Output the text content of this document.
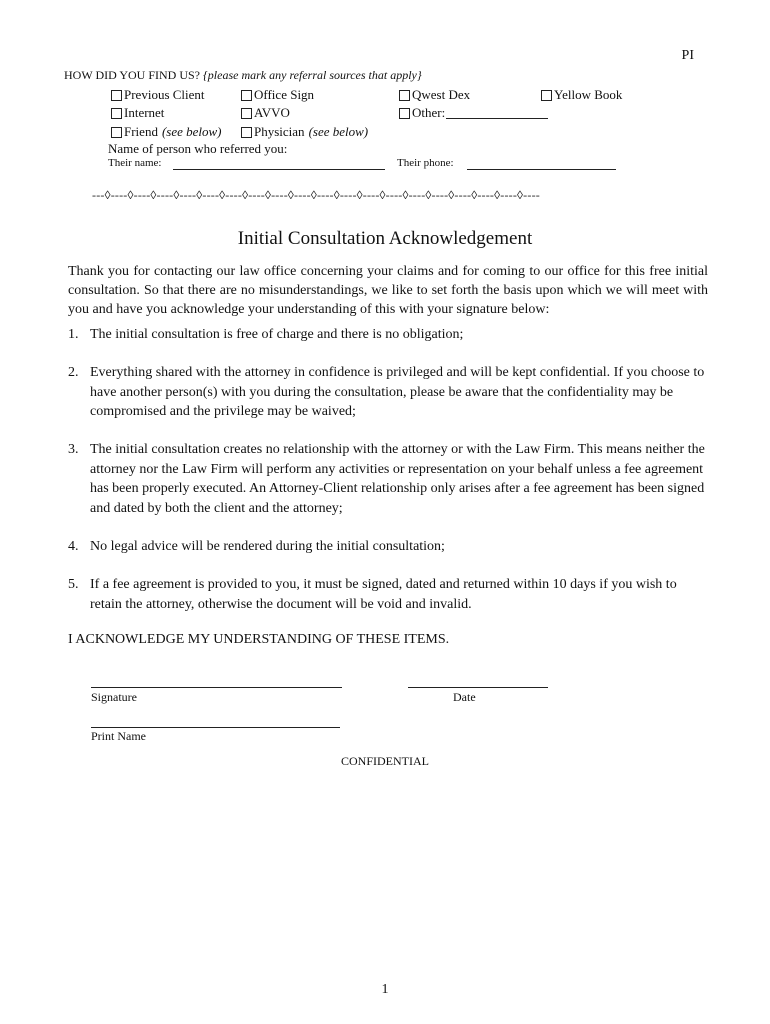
PI
HOW DID YOU FIND US? {please mark any referral sources that apply}
Previous Client	Office Sign	Qwest Dex	Yellow Book
Internet	AVVO	Other:
Friend (see below) Physician (see below)
Name of person who referred you:
Their name:	Their phone:
---◊----◊----◊----◊----◊----◊----◊----◊----◊----◊----◊----◊----◊----◊----◊----◊----◊----◊----◊----
Initial Consultation Acknowledgement
Thank you for contacting our law office concerning your claims and for coming to our office for this free initial consultation. So that there are no misunderstandings, we like to set forth the basis upon which we will meet with you and have you acknowledge your understanding of this with your signature below:
1. The initial consultation is free of charge and there is no obligation;
2. Everything shared with the attorney in confidence is privileged and will be kept confidential. If you choose to have another person(s) with you during the consultation, please be aware that the confidentiality may be compromised and the privilege may be waived;
3. The initial consultation creates no relationship with the attorney or with the Law Firm. This means neither the attorney nor the Law Firm will perform any activities or representation on your behalf unless a fee agreement has been properly executed. An Attorney-Client relationship only arises after a fee agreement has been signed and dated by both the client and the attorney;
4. No legal advice will be rendered during the initial consultation;
5. If a fee agreement is provided to you, it must be signed, dated and returned within 10 days if you wish to retain the attorney, otherwise the document will be void and invalid.
I ACKNOWLEDGE MY UNDERSTANDING OF THESE ITEMS.
Signature	Date
Print Name
CONFIDENTIAL
1
